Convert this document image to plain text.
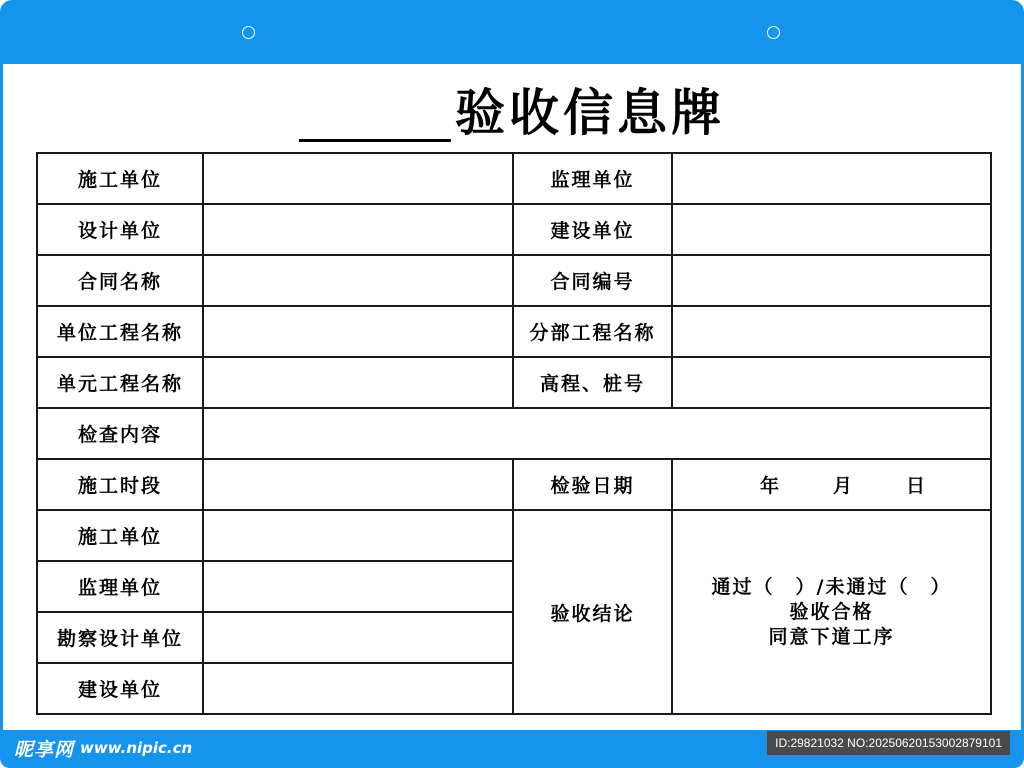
验收信息牌
施工单位		监理单位	
设计单位		建设单位	
合同名称		合同编号	
单位工程名称		分部工程名称	
单元工程名称		高程、桩号	
检查内容			
施工时段		检验日期	年 月 日
施工单位		验收结论	通过（　）/未通过（　）
验收合格
同意下道工序

监理单位			
勘察设计单位			
建设单位			
昵享网 www.nipic.cn	ID:29821032 NO:20250620153002879101
